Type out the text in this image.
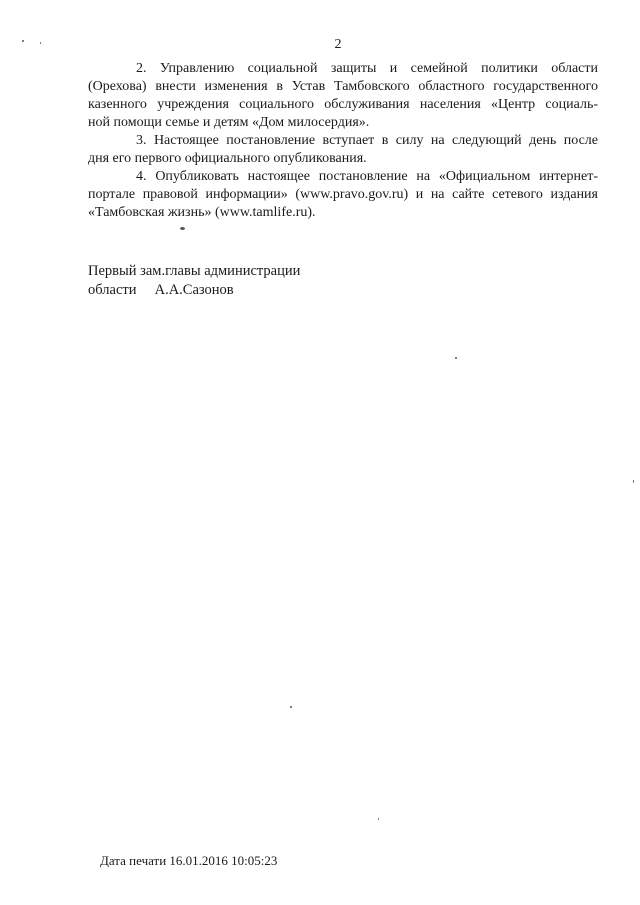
2

2. Управлению социальной защиты и семейной политики области
(Орехова) внести изменения в Устав Тамбовского областного государственного
казенного учреждения социального обслуживания населения «Центр социаль-
ной помощи семье и детям «Дом милосердия».

3. Настоящее постановление вступает в силу на следующий день после
дня его первого официального опубликования.

4. Опубликовать настоящее постановление на «Официальном интернет-
портале правовой информации» (www.pravo.gov.ru) и на сайте сетевого издания
«Тамбовская жизнь» (www.tamlife.ru).

Первый зам.главы администрации
области А.А.Сазонов
Дата печати 16.01.2016 10:05:23
